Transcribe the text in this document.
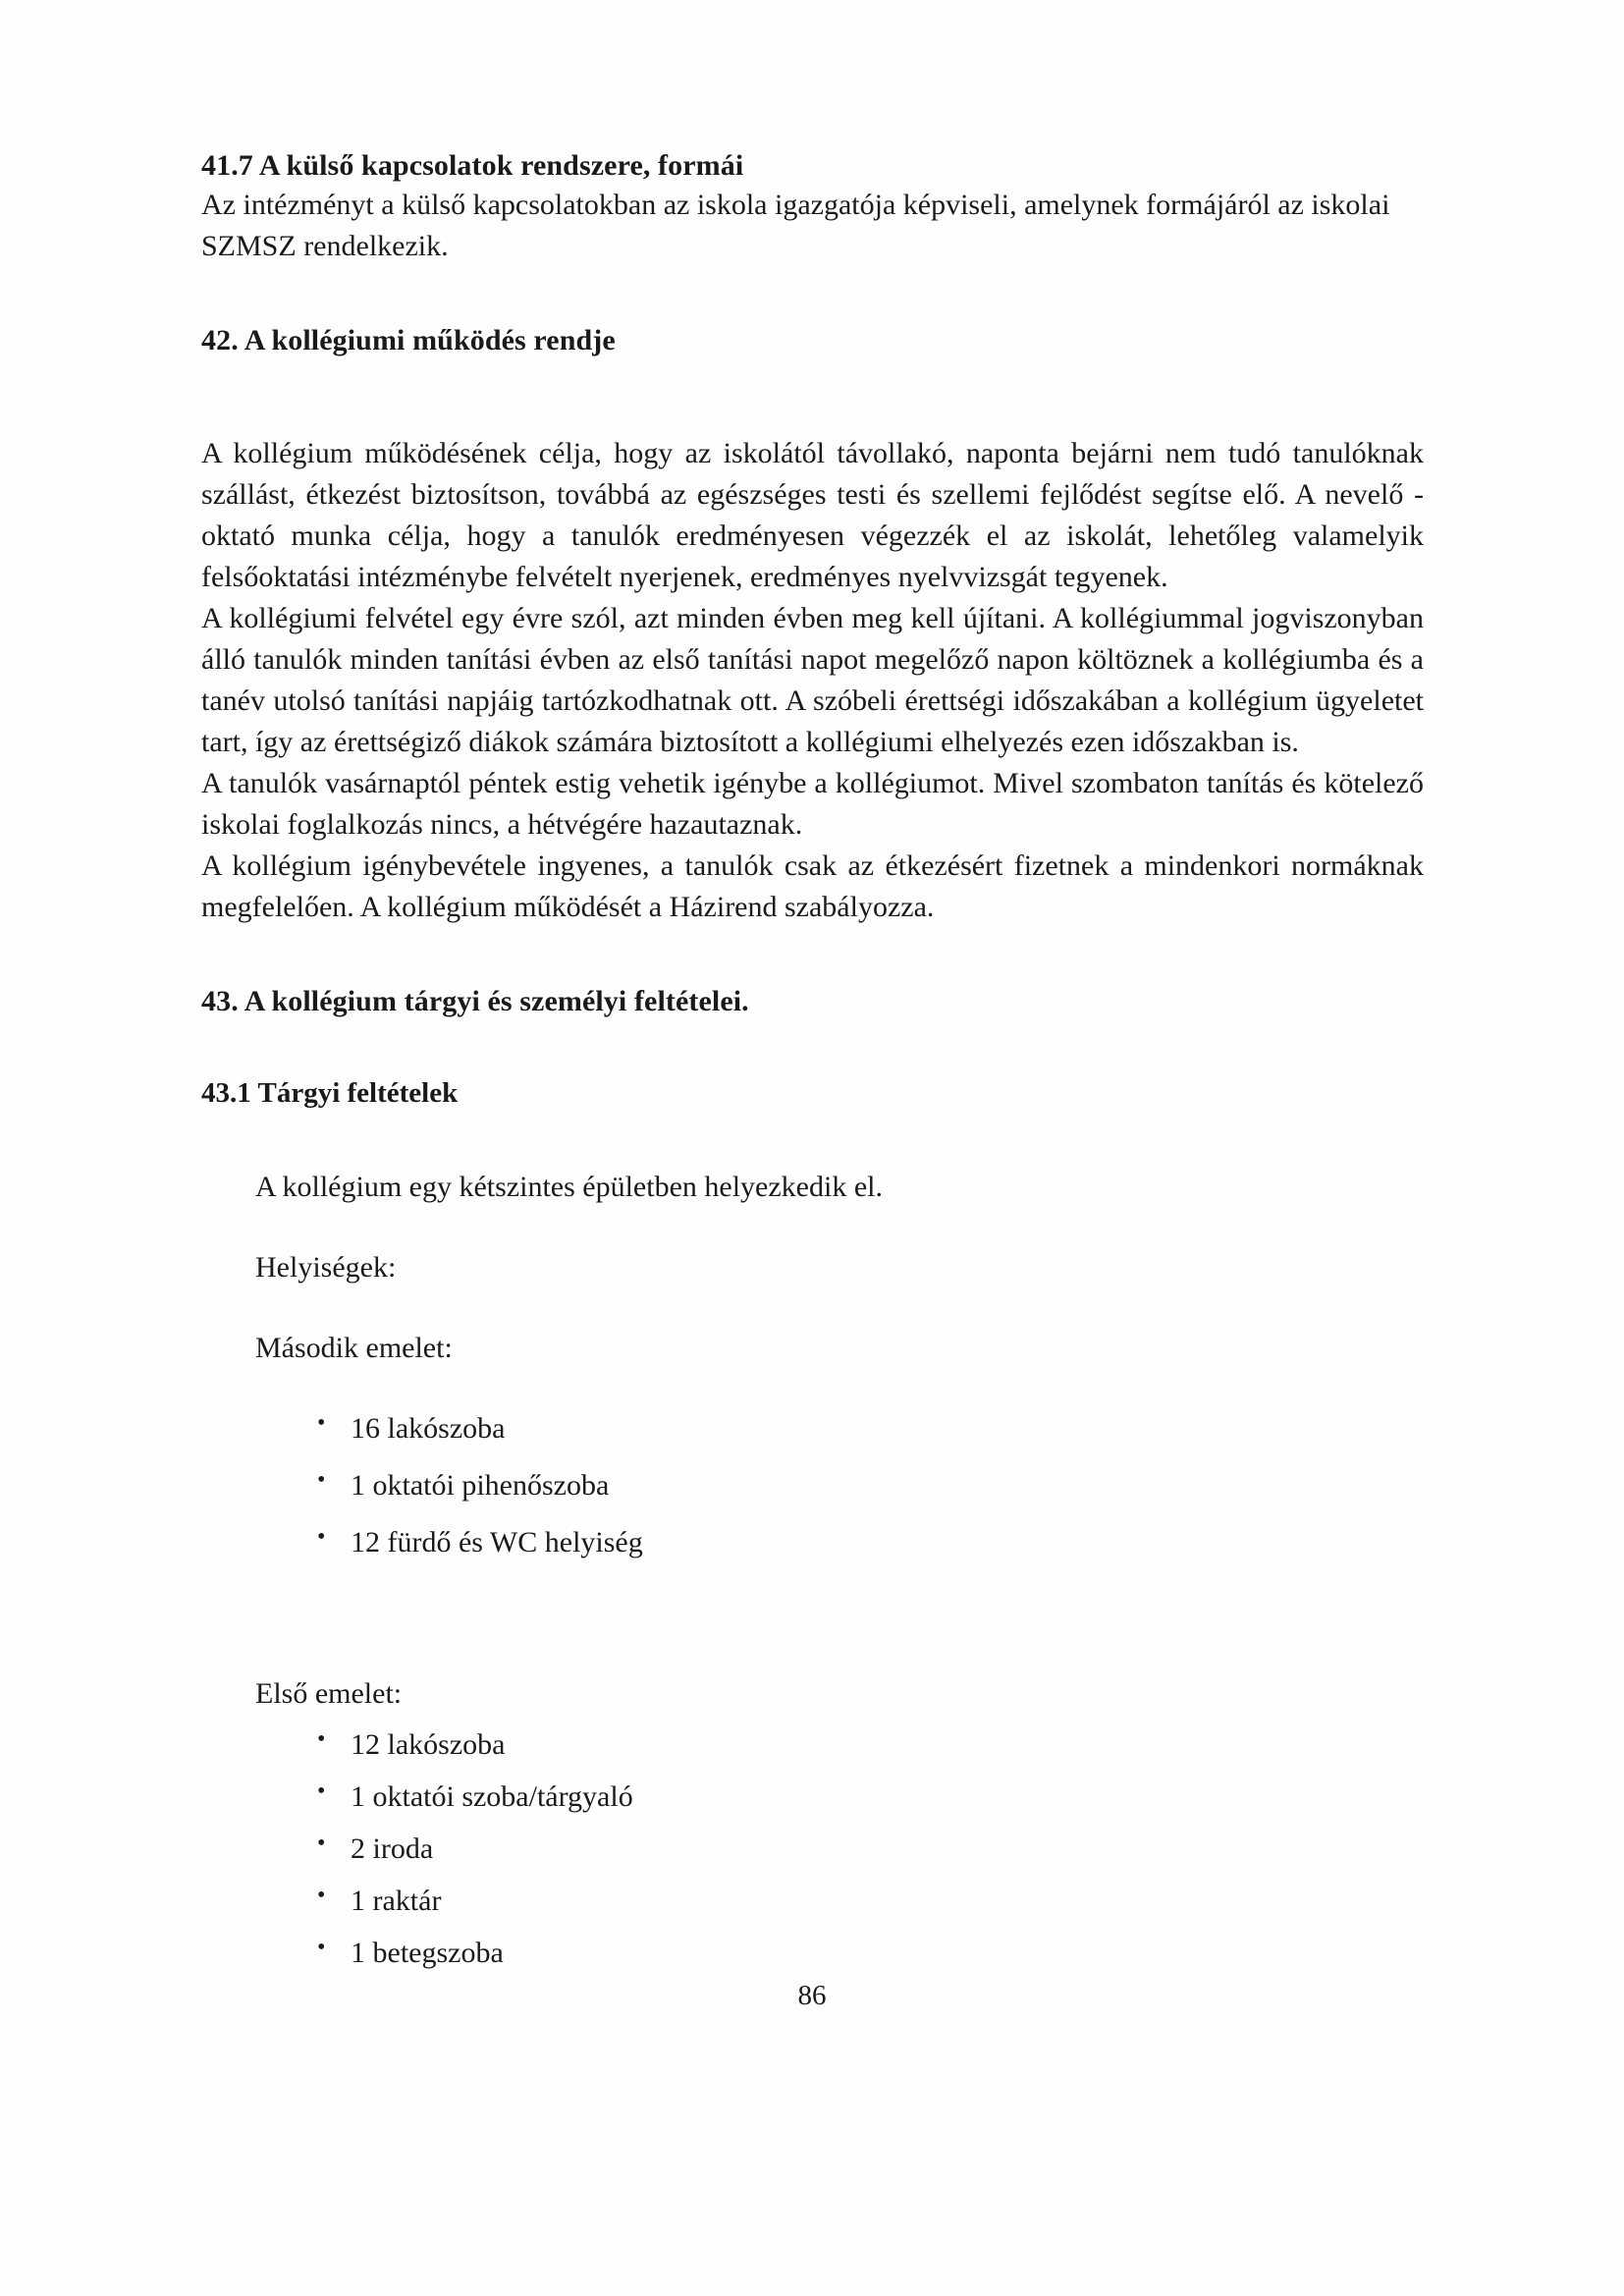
41.7 A külső kapcsolatok rendszere, formái

Az intézményt a külső kapcsolatokban az iskola igazgatója képviseli, amelynek formájáról az iskolai SZMSZ rendelkezik.

42. A kollégiumi működés rendje

A kollégium működésének célja, hogy az iskolától távollakó, naponta bejárni nem tudó tanulóknak szállást, étkezést biztosítson, továbbá az egészséges testi és szellemi fejlődést segítse elő. A nevelő - oktató munka célja, hogy a tanulók eredményesen végezzék el az iskolát, lehetőleg valamelyik felsőoktatási intézménybe felvételt nyerjenek, eredményes nyelvvizsgát tegyenek.

A kollégiumi felvétel egy évre szól, azt minden évben meg kell újítani. A kollégiummal jogviszonyban álló tanulók minden tanítási évben az első tanítási napot megelőző napon költöznek a kollégiumba és a tanév utolsó tanítási napjáig tartózkodhatnak ott. A szóbeli érettségi időszakában a kollégium ügyeletet tart, így az érettségiző diákok számára biztosított a kollégiumi elhelyezés ezen időszakban is.

A tanulók vasárnaptól péntek estig vehetik igénybe a kollégiumot. Mivel szombaton tanítás és kötelező iskolai foglalkozás nincs, a hétvégére hazautaznak.

A kollégium igénybevétele ingyenes, a tanulók csak az étkezésért fizetnek a mindenkori normáknak megfelelően. A kollégium működését a Házirend szabályozza.

43. A kollégium tárgyi és személyi feltételei.
43.1 Tárgyi feltételek

A kollégium egy kétszintes épületben helyezkedik el.

Helyiségek:

Második emelet:

• 16 lakószoba
• 1 oktatói pihenőszoba
• 12 fürdő és WC helyiség

Első emelet:

• 12 lakószoba
• 1 oktatói szoba/tárgyaló
• 2 iroda
• 1 raktár
• 1 betegszoba
86
